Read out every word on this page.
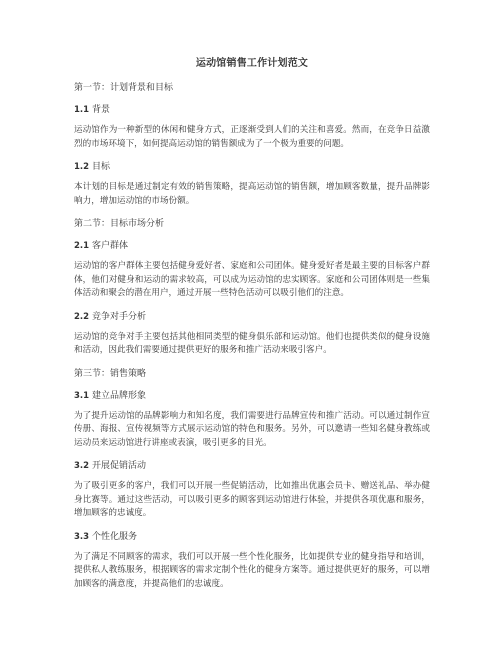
运动馆销售工作计划范文

第一节：计划背景和目标

1.1 背景

运动馆作为一种新型的休闲和健身方式，正逐渐受到人们的关注和喜爱。然而，在竞争日益激烈的市场环境下，如何提高运动馆的销售额成为了一个极为重要的问题。

1.2 目标

本计划的目标是通过制定有效的销售策略，提高运动馆的销售额，增加顾客数量，提升品牌影响力，增加运动馆的市场份额。

第二节：目标市场分析

2.1 客户群体

运动馆的客户群体主要包括健身爱好者、家庭和公司团体。健身爱好者是最主要的目标客户群体，他们对健身和运动的需求较高，可以成为运动馆的忠实顾客。家庭和公司团体则是一些集体活动和聚会的潜在用户，通过开展一些特色活动可以吸引他们的注意。

2.2 竞争对手分析

运动馆的竞争对手主要包括其他相同类型的健身俱乐部和运动馆。他们也提供类似的健身设施和活动，因此我们需要通过提供更好的服务和推广活动来吸引客户。

第三节：销售策略

3.1 建立品牌形象

为了提升运动馆的品牌影响力和知名度，我们需要进行品牌宣传和推广活动。可以通过制作宣传册、海报、宣传视频等方式展示运动馆的特色和服务。另外，可以邀请一些知名健身教练或运动员来运动馆进行讲座或表演，吸引更多的目光。

3.2 开展促销活动

为了吸引更多的客户，我们可以开展一些促销活动，比如推出优惠会员卡、赠送礼品、举办健身比赛等。通过这些活动，可以吸引更多的顾客到运动馆进行体验，并提供各项优惠和服务，增加顾客的忠诚度。

3.3 个性化服务

为了满足不同顾客的需求，我们可以开展一些个性化服务，比如提供专业的健身指导和培训，提供私人教练服务，根据顾客的需求定制个性化的健身方案等。通过提供更好的服务，可以增加顾客的满意度，并提高他们的忠诚度。
